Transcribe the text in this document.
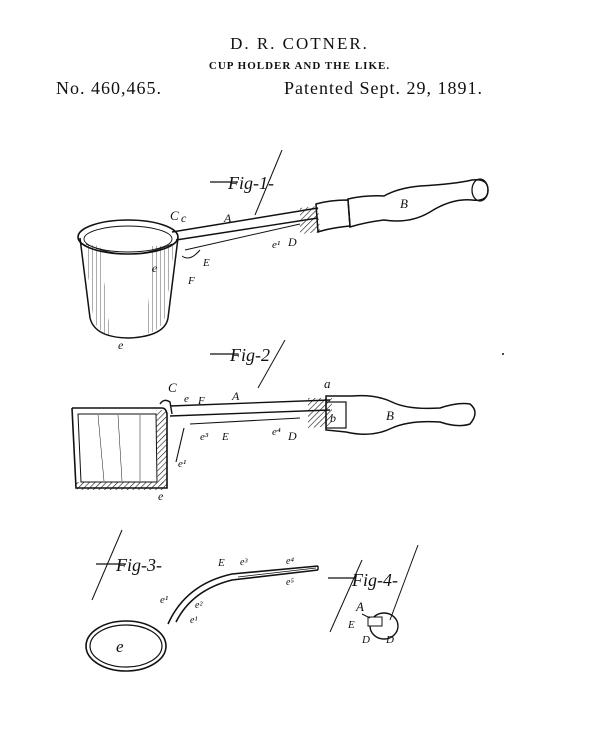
D. R. COTNER.
CUP HOLDER AND THE LIKE.
No. 460,465.	Patented Sept. 29, 1891.
Fig-1-
C c	A
B
e	E
F
e¹ D
e	Fig-2
C
e F A
a
b	B
e³ E	e⁴ D
e¹
e
Fig-3-	E e³	e⁴
e⁵
e¹	e²
e¹
e
Fig-4-
A
E
D D
